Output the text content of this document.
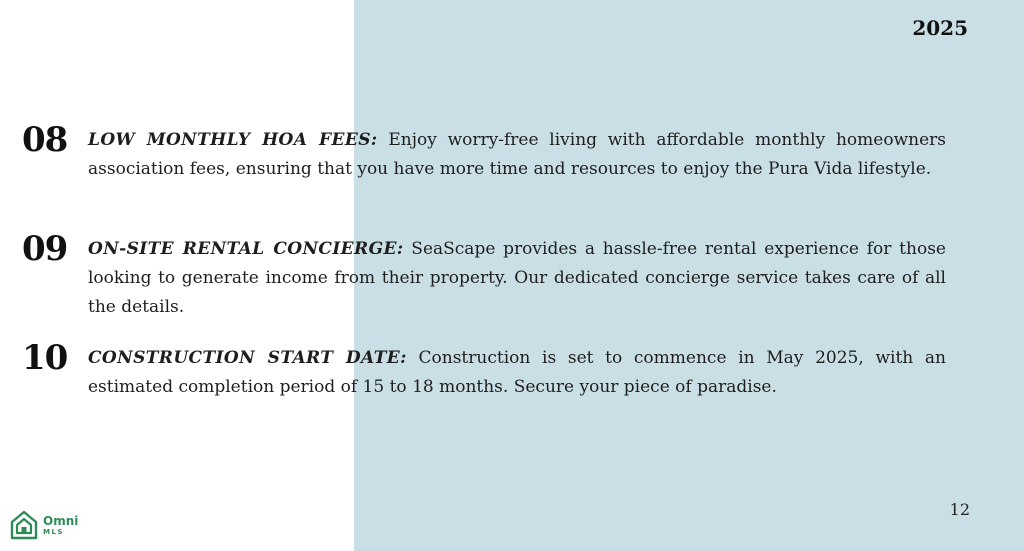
2025
08 LOW MONTHLY HOA FEES: Enjoy worry-free living with affordable monthly homeowners association fees, ensuring that you have more time and resources to enjoy the Pura Vida lifestyle.
09 ON-SITE RENTAL CONCIERGE: SeaScape provides a hassle-free rental experience for those looking to generate income from their property. Our dedicated concierge service takes care of all the details.
10 CONSTRUCTION START DATE: Construction is set to commence in May 2025, with an estimated completion period of 15 to 18 months. Secure your piece of paradise.
12
Omni
MLS
